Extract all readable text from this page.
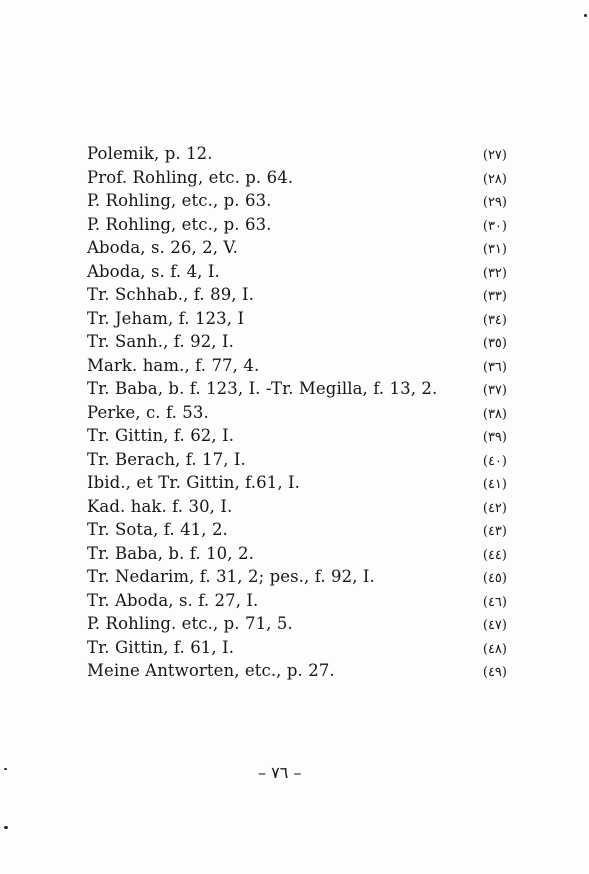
Polemik, p. 12.	(٢٧)
Prof. Rohling, etc. p. 64.	(٢٨)
P. Rohling, etc., p. 63.	(٢٩)
P. Rohling, etc., p. 63.	(٣٠)
Aboda, s. 26, 2, V.	(٣١)
Aboda, s. f. 4, I.	(٣٢)
Tr. Schhab., f. 89, I.	(٣٣)
Tr. Jeham, f. 123, I	(٣٤)
Tr. Sanh., f. 92, I.	(٣٥)
Mark. ham., f. 77, 4.	(٣٦)
Tr. Baba, b. f. 123, I. -Tr. Megilla, f. 13, 2.	(٣٧)
Perke, c. f. 53.	(٣٨)
Tr. Gittin, f. 62, I.	(٣٩)
Tr. Berach, f. 17, I.	(٤٠)
Ibid., et Tr. Gittin, f.61, I.	(٤١)
Kad. hak. f. 30, I.	(٤٢)
Tr. Sota, f. 41, 2.	(٤٣)
Tr. Baba, b. f. 10, 2.	(٤٤)
Tr. Nedarim, f. 31, 2; pes., f. 92, I.	(٤٥)
Tr. Aboda, s. f. 27, I.	(٤٦)
P. Rohling. etc., p. 71, 5.	(٤٧)
Tr. Gittin, f. 61, I.	(٤٨)
Meine Antworten, etc., p. 27.	(٤٩)
– ٧٦ –
